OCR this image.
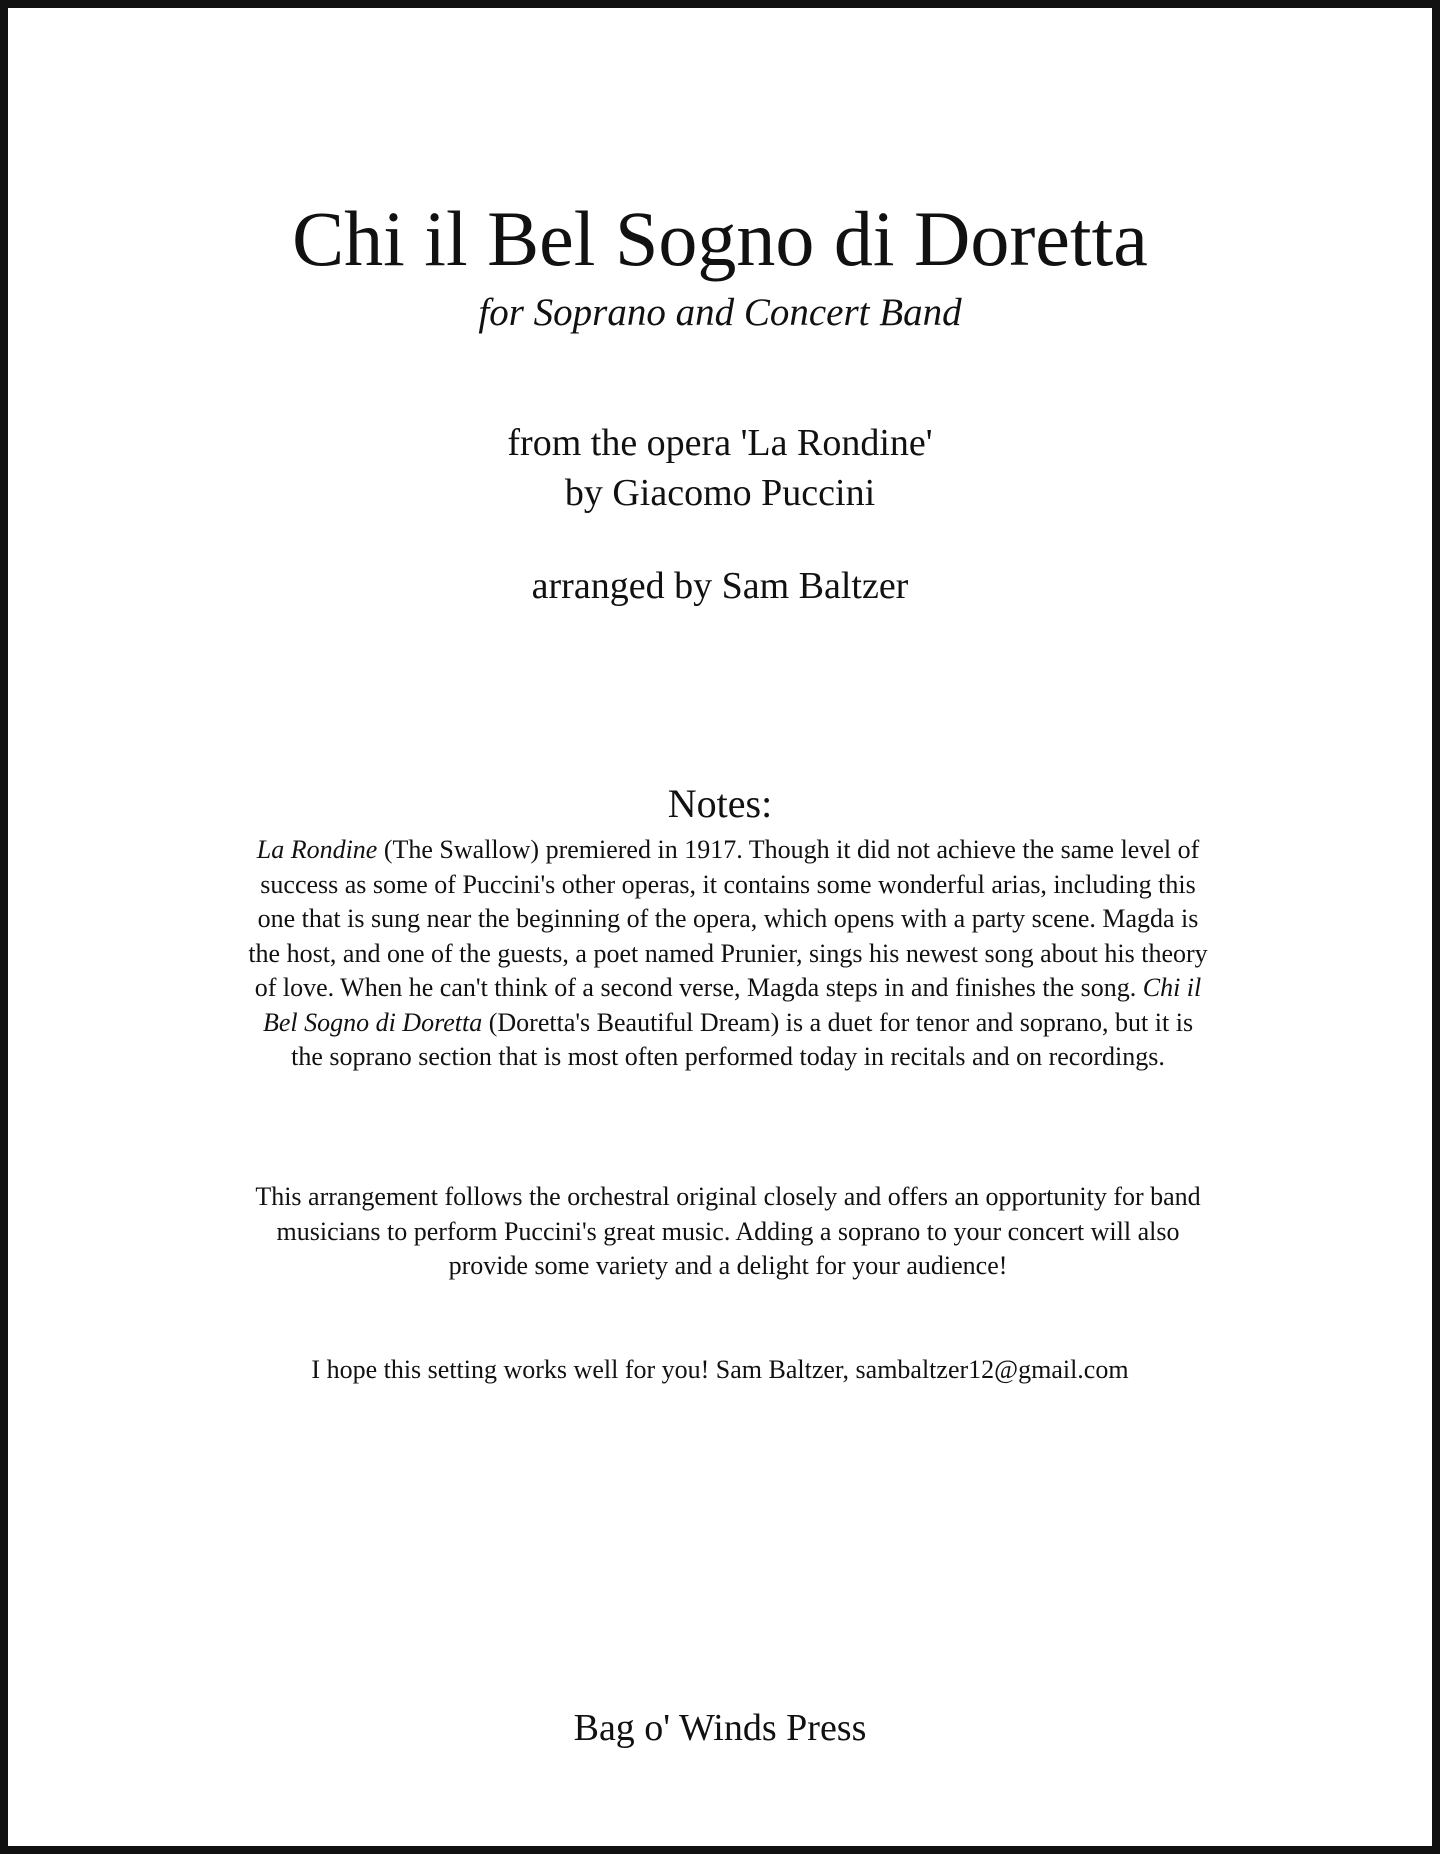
Chi il Bel Sogno di Doretta
for Soprano and Concert Band
from the opera 'La Rondine'
by Giacomo Puccini
arranged by Sam Baltzer
Notes:
La Rondine (The Swallow) premiered in 1917. Though it did not achieve the same level of success as some of Puccini's other operas, it contains some wonderful arias, including this one that is sung near the beginning of the opera, which opens with a party scene. Magda is the host, and one of the guests, a poet named Prunier, sings his newest song about his theory of love. When he can't think of a second verse, Magda steps in and finishes the song. Chi il Bel Sogno di Doretta (Doretta's Beautiful Dream) is a duet for tenor and soprano, but it is the soprano section that is most often performed today in recitals and on recordings.
This arrangement follows the orchestral original closely and offers an opportunity for band musicians to perform Puccini's great music. Adding a soprano to your concert will also provide some variety and a delight for your audience!
I hope this setting works well for you! Sam Baltzer, sambaltzer12@gmail.com
Bag o' Winds Press
